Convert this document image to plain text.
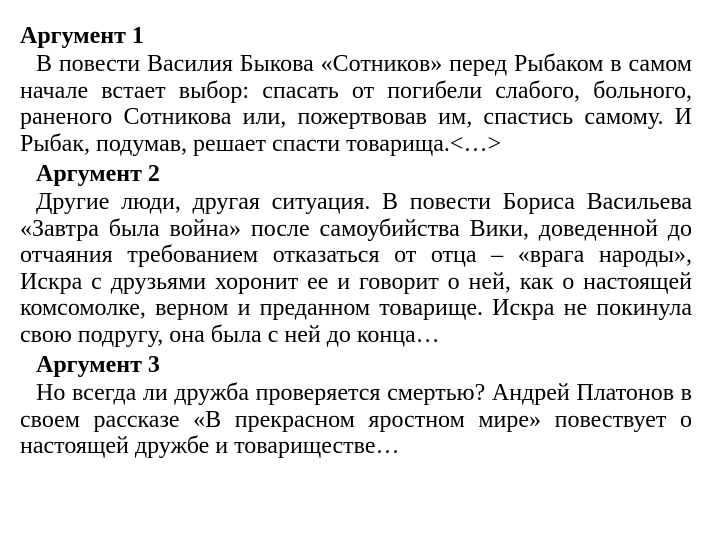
Аргумент 1

В повести Василия Быкова «Сотников» перед Рыбаком в самом начале встает выбор: спасать от погибели слабого, больного, раненого Сотникова или, пожертвовав им, спастись самому. И Рыбак, подумав, решает спасти товарища.<…>

Аргумент 2

Другие люди, другая ситуация. В повести Бориса Васильева «Завтра была война» после самоубийства Вики, доведенной до отчаяния требованием отказаться от отца – «врага народы», Искра с друзьями хоронит ее и говорит о ней, как о настоящей комсомолке, верном и преданном товарище. Искра не покинула свою подругу, она была с ней до конца…

Аргумент 3

Но всегда ли дружба проверяется смертью? Андрей Платонов в своем рассказе «В прекрасном яростном мире» повествует о настоящей дружбе и товариществе…
